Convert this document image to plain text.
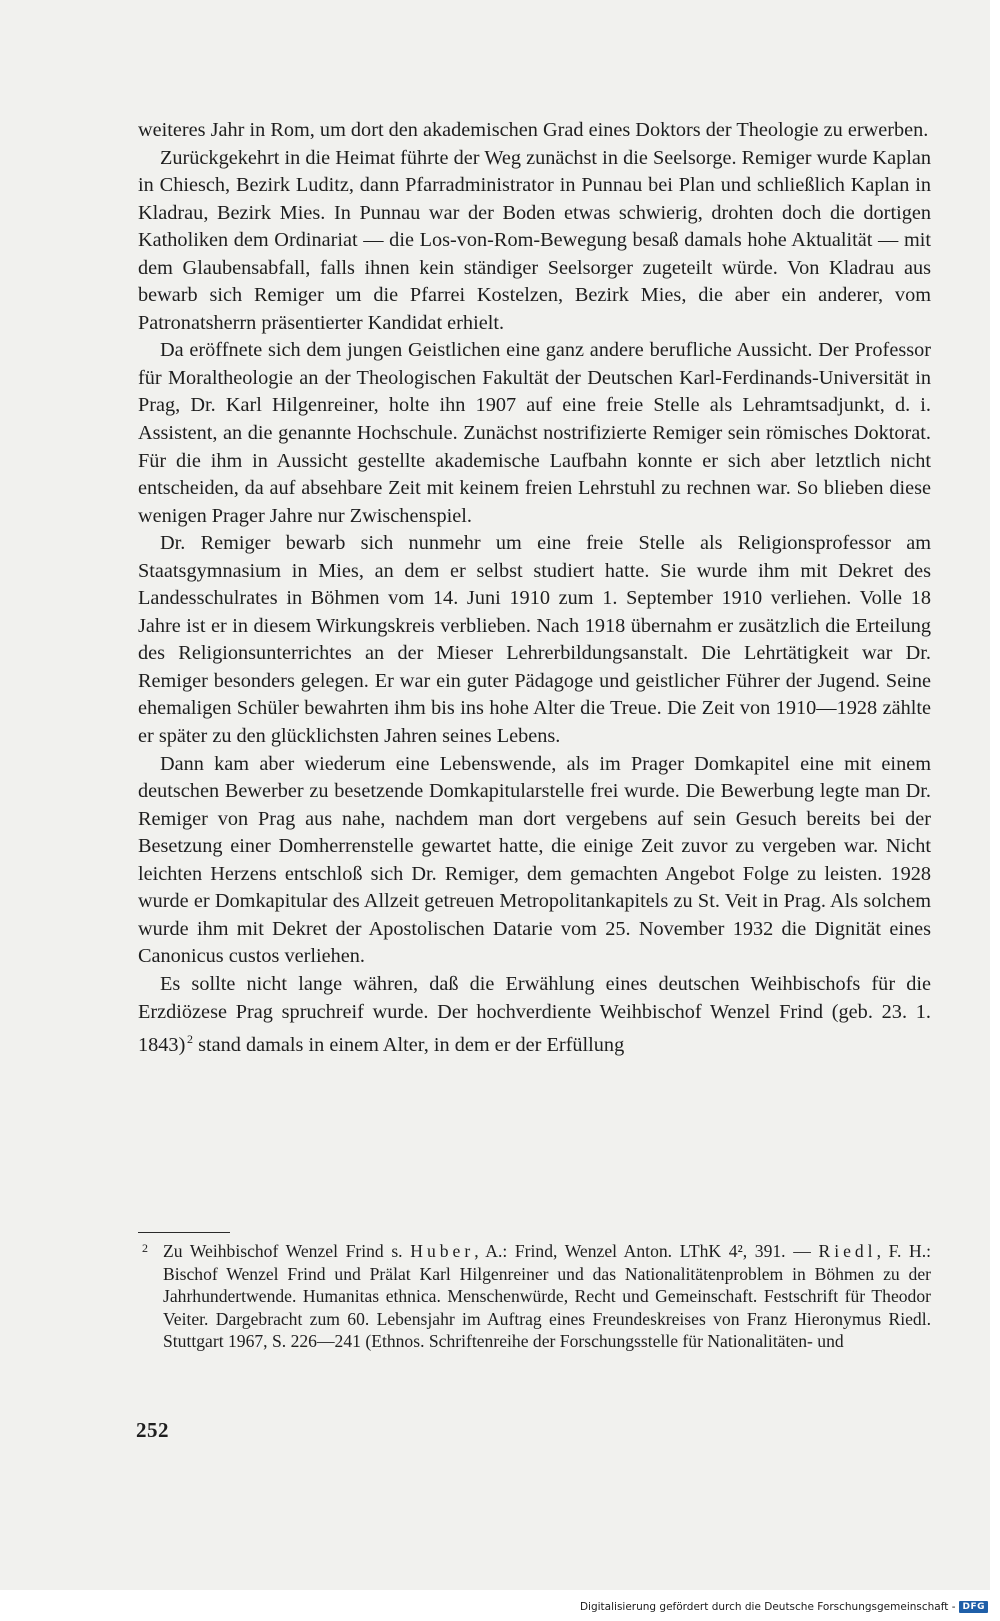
weiteres Jahr in Rom, um dort den akademischen Grad eines Doktors der Theologie zu erwerben.

Zurückgekehrt in die Heimat führte der Weg zunächst in die Seelsorge. Remiger wurde Kaplan in Chiesch, Bezirk Luditz, dann Pfarradministrator in Punnau bei Plan und schließlich Kaplan in Kladrau, Bezirk Mies. In Punnau war der Boden etwas schwierig, drohten doch die dortigen Katholiken dem Ordinariat — die Los-von-Rom-Bewegung besaß damals hohe Aktualität — mit dem Glaubensabfall, falls ihnen kein ständiger Seelsorger zugeteilt würde. Von Kladrau aus bewarb sich Remiger um die Pfarrei Kostelzen, Bezirk Mies, die aber ein anderer, vom Patronatsherrn präsentierter Kandidat erhielt.

Da eröffnete sich dem jungen Geistlichen eine ganz andere berufliche Aussicht. Der Professor für Moraltheologie an der Theologischen Fakultät der Deutschen Karl-Ferdinands-Universität in Prag, Dr. Karl Hilgenreiner, holte ihn 1907 auf eine freie Stelle als Lehramtsadjunkt, d. i. Assistent, an die genannte Hochschule. Zunächst nostrifizierte Remiger sein römisches Doktorat. Für die ihm in Aussicht gestellte akademische Laufbahn konnte er sich aber letztlich nicht entscheiden, da auf absehbare Zeit mit keinem freien Lehrstuhl zu rechnen war. So blieben diese wenigen Prager Jahre nur Zwischenspiel.

Dr. Remiger bewarb sich nunmehr um eine freie Stelle als Religionsprofessor am Staatsgymnasium in Mies, an dem er selbst studiert hatte. Sie wurde ihm mit Dekret des Landesschulrates in Böhmen vom 14. Juni 1910 zum 1. September 1910 verliehen. Volle 18 Jahre ist er in diesem Wirkungskreis verblieben. Nach 1918 übernahm er zusätzlich die Erteilung des Religionsunterrichtes an der Mieser Lehrerbildungsanstalt. Die Lehrtätigkeit war Dr. Remiger besonders gelegen. Er war ein guter Pädagoge und geistlicher Führer der Jugend. Seine ehemaligen Schüler bewahrten ihm bis ins hohe Alter die Treue. Die Zeit von 1910—1928 zählte er später zu den glücklichsten Jahren seines Lebens.

Dann kam aber wiederum eine Lebenswende, als im Prager Domkapitel eine mit einem deutschen Bewerber zu besetzende Domkapitularstelle frei wurde. Die Bewerbung legte man Dr. Remiger von Prag aus nahe, nachdem man dort vergebens auf sein Gesuch bereits bei der Besetzung einer Domherrenstelle gewartet hatte, die einige Zeit zuvor zu vergeben war. Nicht leichten Herzens entschloß sich Dr. Remiger, dem gemachten Angebot Folge zu leisten. 1928 wurde er Domkapitular des Allzeit getreuen Metropolitankapitels zu St. Veit in Prag. Als solchem wurde ihm mit Dekret der Apostolischen Datarie vom 25. November 1932 die Dignität eines Canonicus custos verliehen.

Es sollte nicht lange währen, daß die Erwählung eines deutschen Weihbischofs für die Erzdiözese Prag spruchreif wurde. Der hochverdiente Weihbischof Wenzel Frind (geb. 23. 1. 1843)  $^2$ stand damals in einem Alter, in dem er der Erfüllung

2 Zu Weihbischof Wenzel Frind s. Huber, A.: Frind, Wenzel Anton. LThK 4², 391. — Riedl, F. H.: Bischof Wenzel Frind und Prälat Karl Hilgenreiner und das Nationalitätenproblem in Böhmen zu der Jahrhundertwende. Humanitas ethnica. Menschenwürde, Recht und Gemeinschaft. Festschrift für Theodor Veiter. Dargebracht zum 60. Lebensjahr im Auftrag eines Freundeskreises von Franz Hieronymus Riedl. Stuttgart 1967, S. 226—241 (Ethnos. Schriftenreihe der Forschungsstelle für Nationalitäten- und

252
Digitalisierung gefördert durch die Deutsche Forschungsgemeinschaft - DFG
